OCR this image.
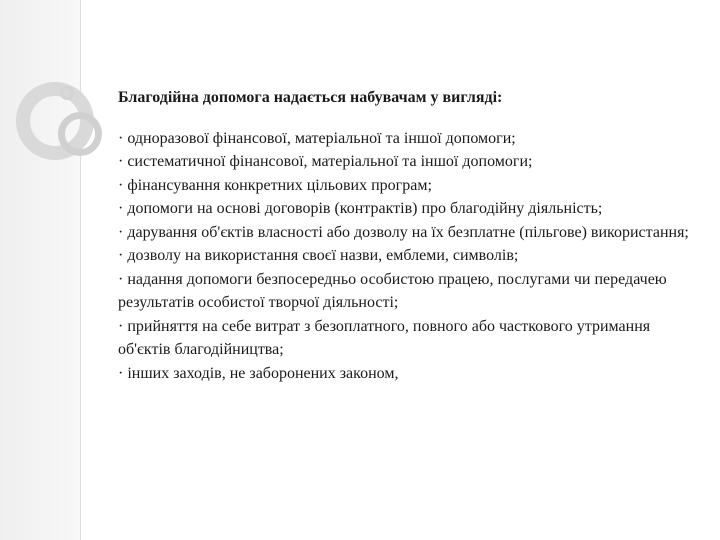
Благодійна допомога надається набувачам у вигляді:

· одноразової фінансової, матеріальної та іншої допомоги;

· систематичної фінансової, матеріальної та іншої допомоги;

· фінансування конкретних цільових програм;

· допомоги на основі договорів (контрактів) про благодійну діяльність;

· дарування об'єктів власності або дозволу на їх безплатне (пільгове) використання;

· дозволу на використання своєї назви, емблеми, символів;

· надання допомоги безпосередньо особистою працею, послугами чи передачею результатів особистої творчої діяльності;

· прийняття на себе витрат з безоплатного, повного або часткового утримання об'єктів благодійництва;

· інших заходів, не заборонених законом,
